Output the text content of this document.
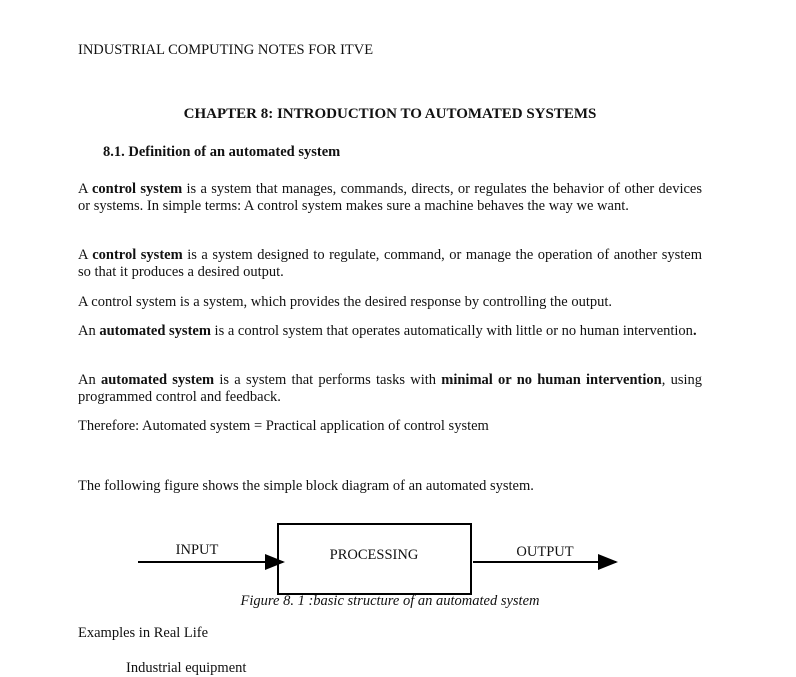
INDUSTRIAL COMPUTING NOTES FOR ITVE
CHAPTER 8: INTRODUCTION TO AUTOMATED SYSTEMS
8.1. Definition of an automated system
A control system is a system that manages, commands, directs, or regulates the behavior of other devices or systems. In simple terms: A control system makes sure a machine behaves the way we want.
A control system is a system designed to regulate, command, or manage the operation of another system so that it produces a desired output.
A control system is a system, which provides the desired response by controlling the output.
An automated system is a control system that operates automatically with little or no human intervention.
An automated system is a system that performs tasks with minimal or no human intervention, using programmed control and feedback.
Therefore: Automated system = Practical application of control system
The following figure shows the simple block diagram of an automated system.
INPUT	PROCESSING	OUTPUT
Figure 8. 1 :basic structure of an automated system
Examples in Real Life
Industrial equipment
